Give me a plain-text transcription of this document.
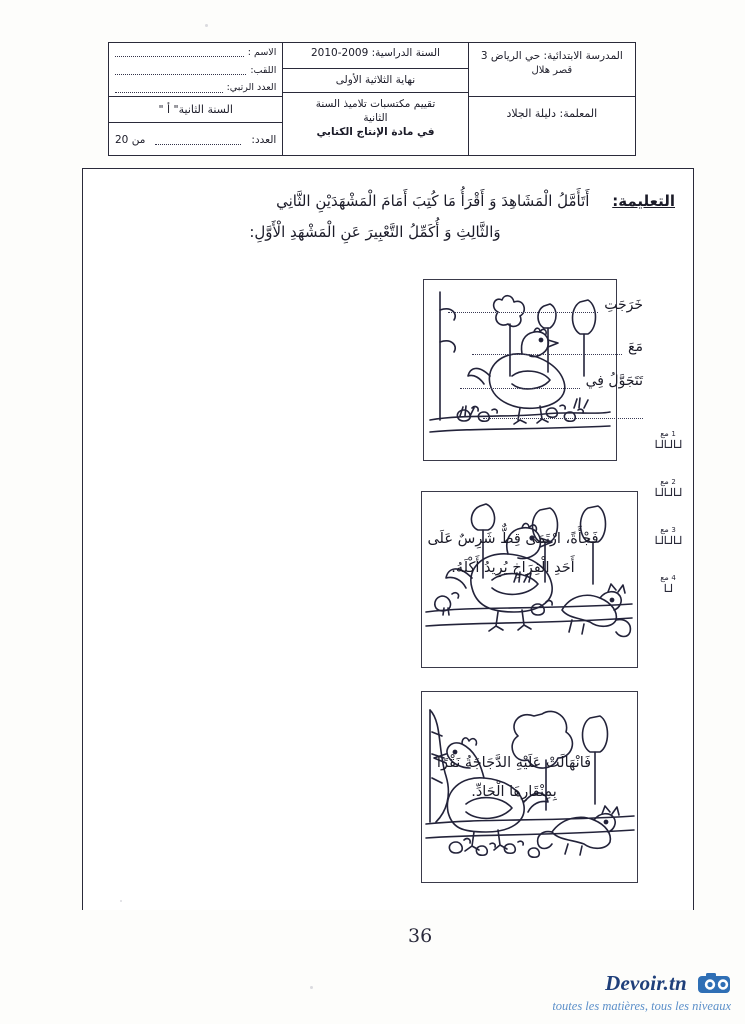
المدرسة الابتدائية: حي الرياض 3
قصر هلال
المعلمة: دليلة الجلاد
السنة الدراسية: 2009-2010
نهاية الثلاثية الأولى
تقييم مكتسبات تلاميذ السنة
الثانية
في مادة الإنتاج الكتابي
الاسم :
اللقب:
العدد الرتبي:
السنة الثانية" أ "
العدد:
من 20
التعليمة: أَتَأَمَّلُ الْمَشَاهِدَ وَ أَقْرَأُ مَا كُتِبَ أَمَامَ الْمَشْهَدَيْنِ الثَّانِي
وَالثَّالِثِ وَ أُكَمِّلُ التَّعْبِيرَ عَنِ الْمَشْهَدِ الْأَوَّلِ:
خَرَجَتِ
مَعَ
تَتَجَوَّلُ فِي
فَجْأَةً، ارْتَمَى قِطٌّ شَرِسٌ عَلَى
أَحَدِ الْفِرَاخِ يُرِيدُ أَكْلَهُ.
فَانْهَالَتْ عَلَيْهِ الدَّجَاجَةُ نَقْرًا
بِمِنْقَارِهَا الْحَادِّ.
1 مع
⊔⊔⊔
2 مع
⊔⊔⊔
3 مع
⊔⊔⊔
4 مع
⊔
36
Devoir.tn
toutes les matières, tous les niveaux
